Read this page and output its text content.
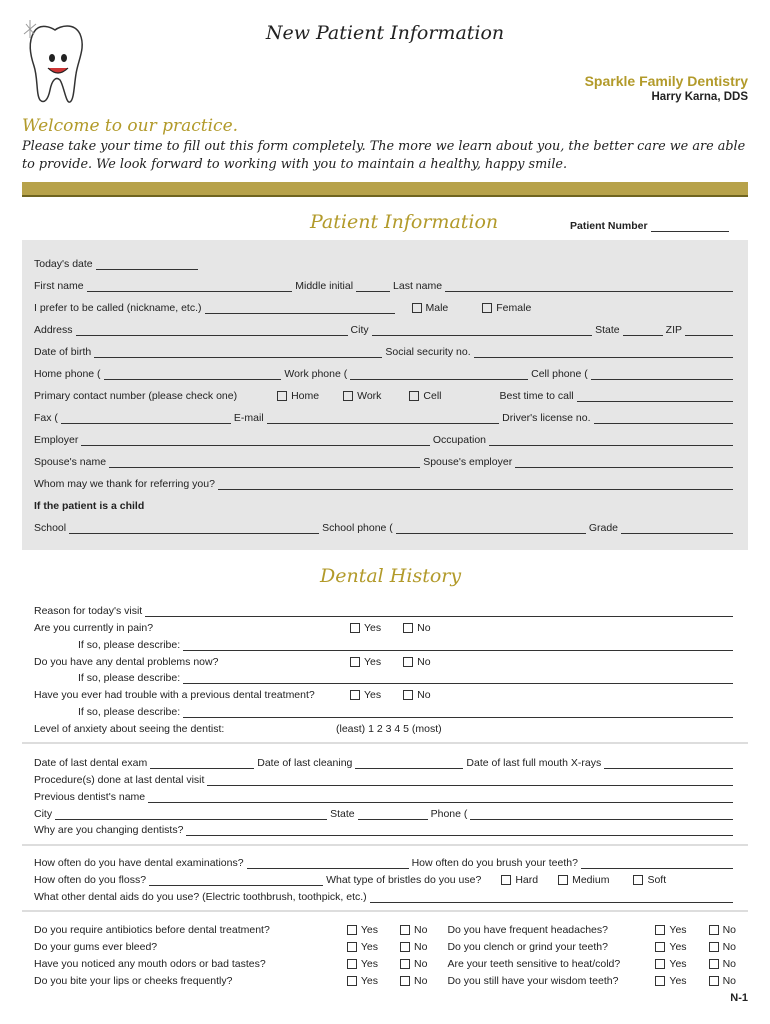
New Patient Information
Sparkle Family Dentistry
Harry Karna, DDS
Welcome to our practice.
Please take your time to fill out this form completely. The more we learn about you, the better care we are able to provide. We look forward to working with you to maintain a healthy, happy smile.
Patient Information	Patient Number
Today's date
First name	Middle initial	Last name
I prefer to be called (nickname, etc.)	Male	Female
Address	City	State	ZIP
Date of birth	Social security no.
Home phone (	Work phone (	Cell phone (
Primary contact number (please check one)	Home	Work	Cell	Best time to call
Fax (	E-mail	Driver's license no.
Employer	Occupation
Spouse's name	Spouse's employer
Whom may we thank for referring you?
If the patient is a child
School	School phone (	Grade
Dental History
Reason for today's visit
Are you currently in pain?	Yes	No
If so, please describe:
Do you have any dental problems now?	Yes	No
If so, please describe:
Have you ever had trouble with a previous dental treatment?	Yes	No
If so, please describe:
Level of anxiety about seeing the dentist:	(least) 1 2 3 4 5 (most)
Date of last dental exam	Date of last cleaning	Date of last full mouth X-rays
Procedure(s) done at last dental visit
Previous dentist's name
City	State	Phone (
Why are you changing dentists?
How often do you have dental examinations?	How often do you brush your teeth?
How often do you floss?	What type of bristles do you use?	Hard	Medium	Soft
What other dental aids do you use? (Electric toothbrush, toothpick, etc.)
Do you require antibiotics before dental treatment?	Yes	No Do you have frequent headaches?	Yes	No
Do your gums ever bleed?	Yes	No Do you clench or grind your teeth?	Yes	No
Have you noticed any mouth odors or bad tastes?	Yes	No Are your teeth sensitive to heat/cold?	Yes	No
Do you bite your lips or cheeks frequently?	Yes	No Do you still have your wisdom teeth?	Yes	No
N-1
